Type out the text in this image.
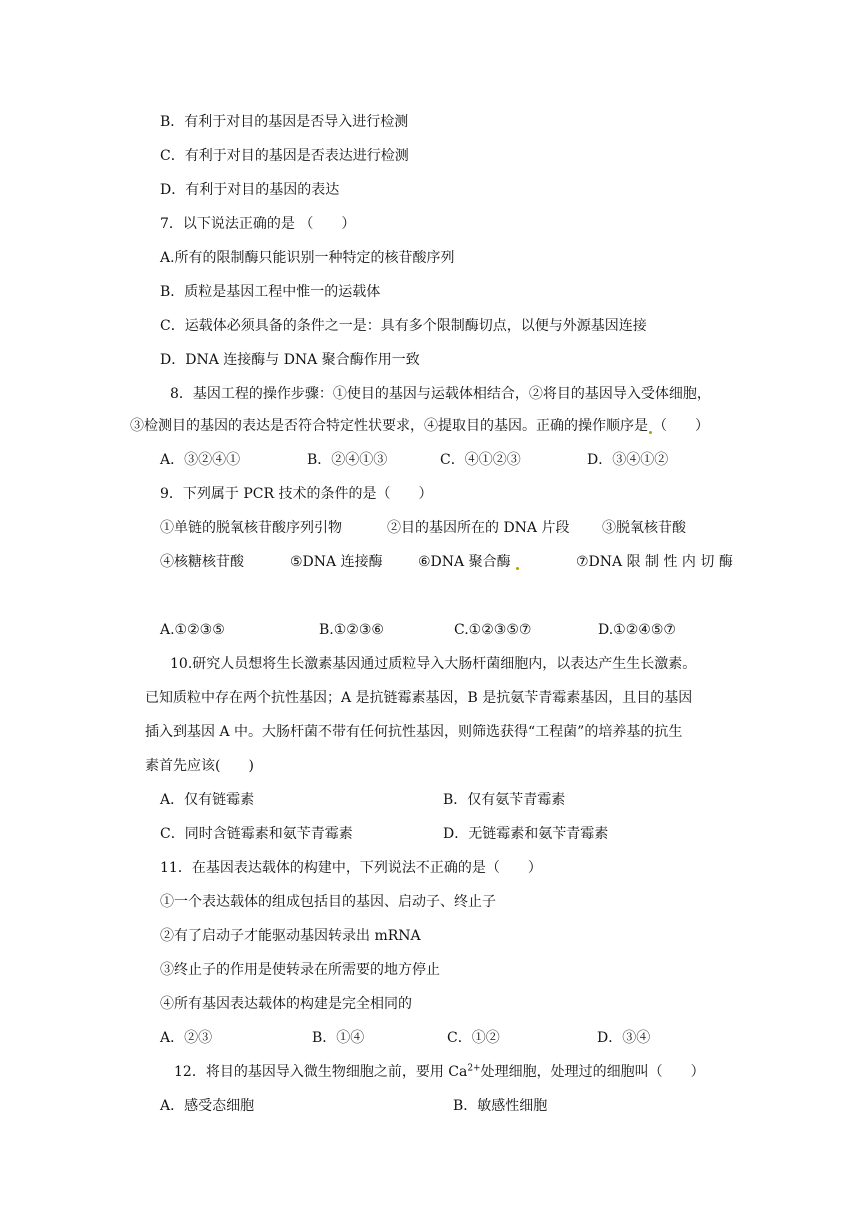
B．有利于对目的基因是否导入进行检测
C．有利于对目的基因是否表达进行检测
D．有利于对目的基因的表达
7．以下说法正确的是 （　　）
A.所有的限制酶只能识别一种特定的核苷酸序列
B．质粒是基因工程中惟一的运载体
C．运载体必须具备的条件之一是：具有多个限制酶切点，以便与外源基因连接
D．DNA 连接酶与 DNA 聚合酶作用一致
8．基因工程的操作步骤：①使目的基因与运载体相结合，②将目的基因导入受体细胞，
③检测目的基因的表达是否符合特定性状要求，④提取目的基因。正确的操作顺序是 （　　）
A．③②④①	B．②④①③	C．④①②③	D．③④①②
9．下列属于 PCR 技术的条件的是（　　）
①单链的脱氧核苷酸序列引物	②目的基因所在的 DNA 片段 ③脱氧核苷酸
④核糖核苷酸	⑤DNA 连接酶	⑥DNA 聚合酶	⑦DNA 限 制 性 内 切 酶
A.①②③⑤	B.①②③⑥	C.①②③⑤⑦	D.①②④⑤⑦
10.研究人员想将生长激素基因通过质粒导入大肠杆菌细胞内，以表达产生生长激素。
已知质粒中存在两个抗性基因；A 是抗链霉素基因，B 是抗氨苄青霉素基因，且目的基因
插入到基因 A 中。大肠杆菌不带有任何抗性基因，则筛选获得“工程菌”的培养基的抗生
素首先应该(　　)
A．仅有链霉素	B．仅有氨苄青霉素
C．同时含链霉素和氨苄青霉素	D．无链霉素和氨苄青霉素
11．在基因表达载体的构建中，下列说法不正确的是（　　）
①一个表达载体的组成包括目的基因、启动子、终止子
②有了启动子才能驱动基因转录出 mRNA
③终止子的作用是使转录在所需要的地方停止
④所有基因表达载体的构建是完全相同的
A．②③	B．①④	C．①②	D．③④
12．将目的基因导入微生物细胞之前，要用 $Ca^{2+}$处理细胞，处理过的细胞叫（　　）
A．感受态细胞	B．敏感性细胞
